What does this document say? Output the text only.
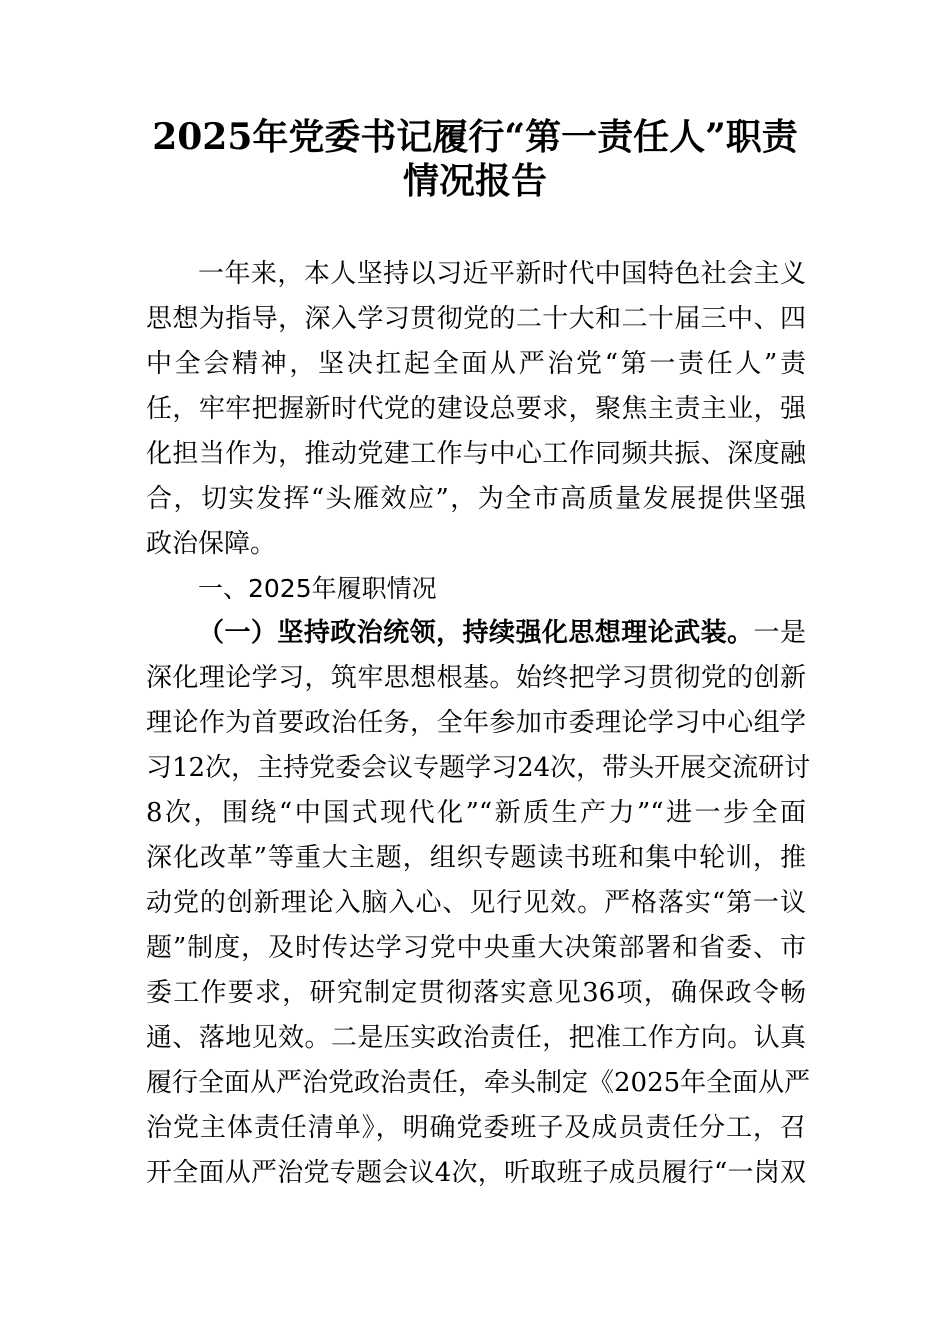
2025年党委书记履行“第一责任人”职责
情况报告
一年来，本人坚持以习近平新时代中国特色社会主义
思想为指导，深入学习贯彻党的二十大和二十届三中、四
中全会精神，坚决扛起全面从严治党“第一责任人”责
任，牢牢把握新时代党的建设总要求，聚焦主责主业，强
化担当作为，推动党建工作与中心工作同频共振、深度融
合，切实发挥“头雁效应”，为全市高质量发展提供坚强
政治保障。
一、2025年履职情况
（一）坚持政治统领，持续强化思想理论武装。一是
深化理论学习，筑牢思想根基。始终把学习贯彻党的创新
理论作为首要政治任务，全年参加市委理论学习中心组学
习12次，主持党委会议专题学习24次，带头开展交流研讨
8次，围绕“中国式现代化”“新质生产力”“进一步全面
深化改革”等重大主题，组织专题读书班和集中轮训，推
动党的创新理论入脑入心、见行见效。严格落实“第一议
题”制度，及时传达学习党中央重大决策部署和省委、市
委工作要求，研究制定贯彻落实意见36项，确保政令畅
通、落地见效。二是压实政治责任，把准工作方向。认真
履行全面从严治党政治责任，牵头制定《2025年全面从严
治党主体责任清单》，明确党委班子及成员责任分工，召
开全面从严治党专题会议4次，听取班子成员履行“一岗双
